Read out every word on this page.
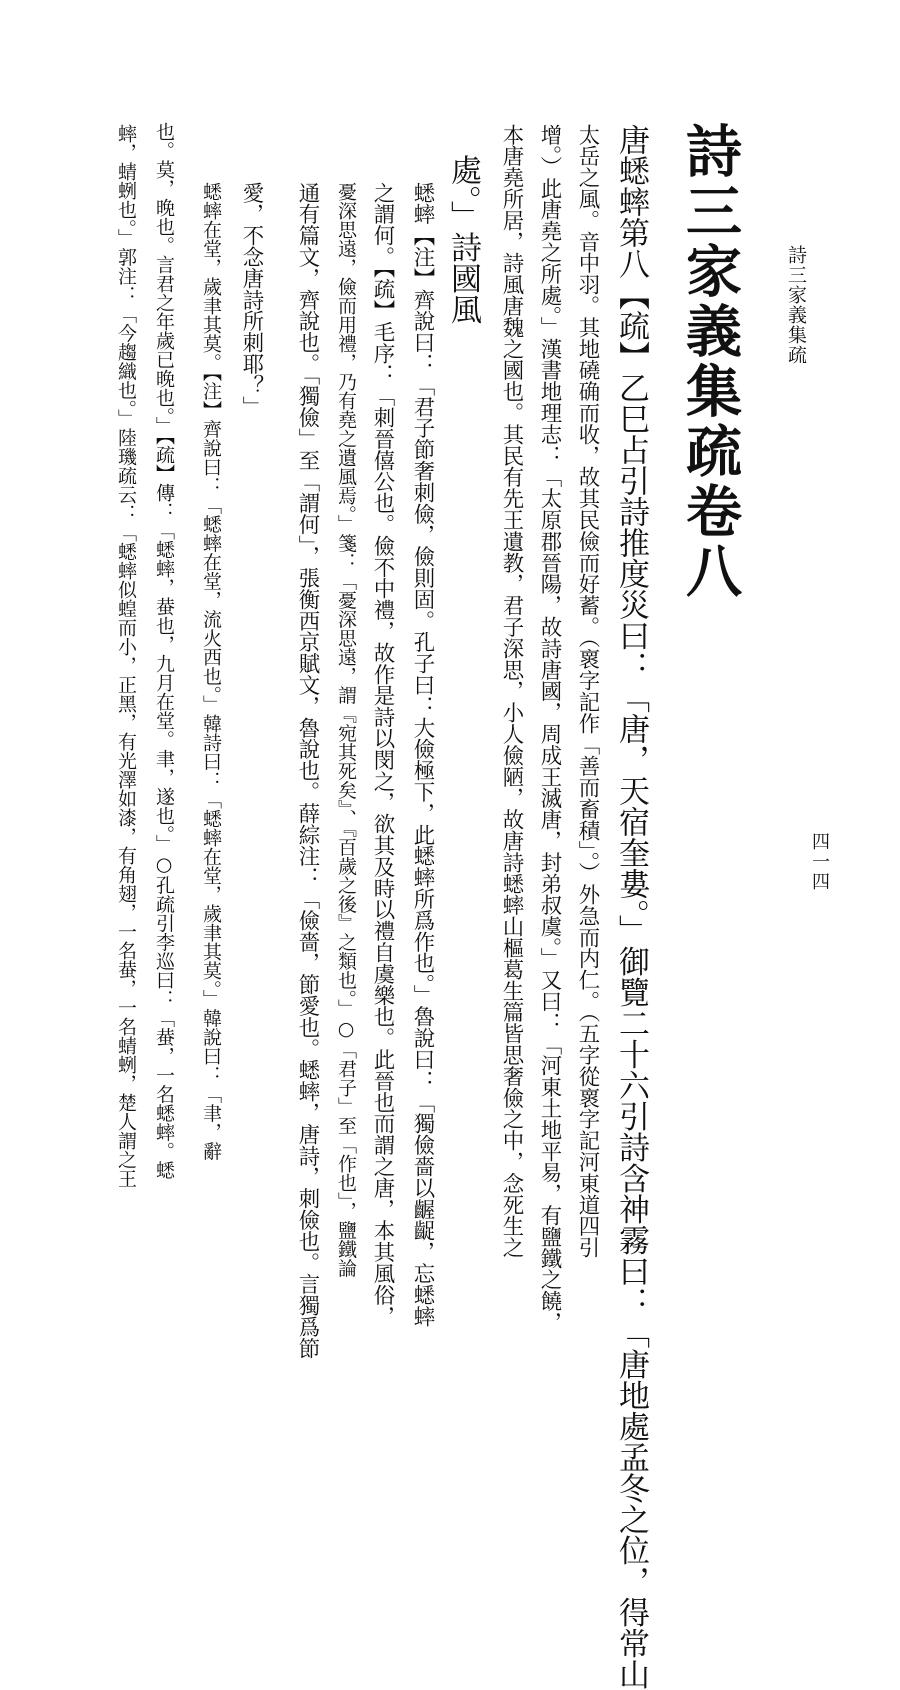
詩三家義集疏
四一四
詩三家義集疏卷八
唐蟋蟀第八【疏】乙巳占引詩推度災曰：「唐，天宿奎婁。」御覽二十六引詩含神霧曰：「唐地處孟冬之位，得常山
太岳之風。音中羽。其地磽确而收，故其民儉而好蓄。（褱字記作「善而畜積」。）外急而内仁。（五字從褱字記河東道四引
增。）此唐堯之所處。」漢書地理志：「太原郡晉陽，故詩唐國，周成王滅唐，封弟叔虞。」又曰：「河東土地平易，有鹽鐵之饒，
本唐堯所居，詩風唐魏之國也。其民有先王遺教，君子深思，小人儉陋，故唐詩蟋蟀山樞葛生篇皆思奢儉之中，念死生之
處。」詩國風
蟋蟀【注】齊說曰：「君子節奢刺儉，儉則固。孔子曰：大儉極下，此蟋蟀所爲作也。」魯說曰：「獨儉嗇以齷齪，忘蟋蟀
之謂何。【疏】毛序：「刺晉僖公也。儉不中禮，故作是詩以閔之，欲其及時以禮自虞樂也。此晉也而謂之唐，本其風俗，
憂深思遠，儉而用禮，乃有堯之遺風焉。」箋：「憂深思遠，謂『宛其死矣』、『百歲之後』之類也。」○「君子」至「作也」，鹽鐵論
通有篇文，齊說也。「獨儉」至「謂何」，張衡西京賦文，魯說也。薛綜注：「儉嗇，節愛也。蟋蟀，唐詩，刺儉也。言獨爲節
愛，不念唐詩所刺耶？」
蟋蟀在堂，歲聿其莫。【注】齊說曰：「蟋蟀在堂，流火西也。」韓詩曰：「蟋蟀在堂，歲聿其莫。」韓說曰：「聿，辭
也。莫，晚也。言君之年歲已晚也。」【疏】傳：「蟋蟀，蛬也，九月在堂。聿，遂也。」○孔疏引李巡曰：「蛬，一名蟋蟀。蟋
蟀，蜻蛚也。」郭注：「今趨織也。」陸璣疏云：「蟋蟀似蝗而小，正黑，有光澤如漆，有角翅，一名蛬，一名蜻蛚，楚人謂之王
